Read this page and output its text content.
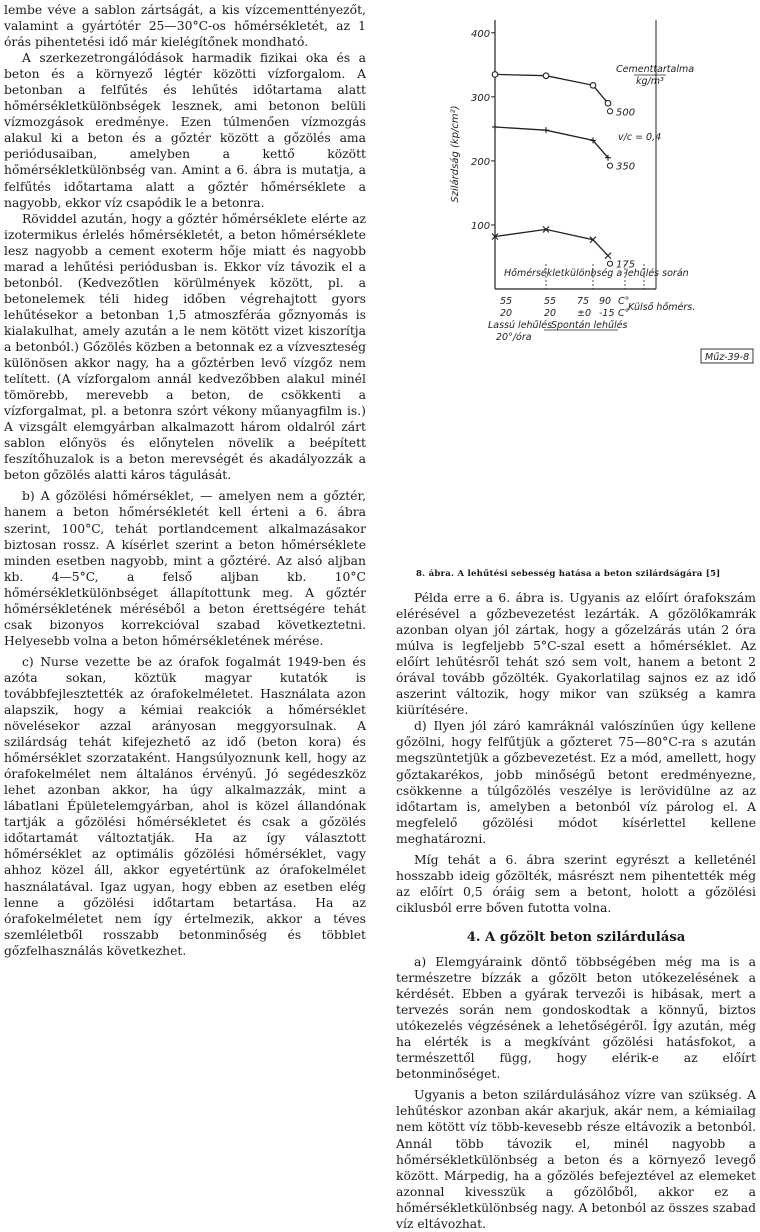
lembe véve a sablon zártságát, a kis vízcementtényezőt, valamint a gyártótér 25—30°C-os hőmérsékletét, az 1 órás pihentetési idő már kielégítőnek mondható.

A szerkezetrongálódások harmadik fizikai oka és a beton és a környező légtér közötti vízforgalom. A betonban a felfűtés és lehűtés időtartama alatt hőmérsékletkülönbségek lesznek, ami betonon belüli vízmozgások eredménye. Ezen túlmenően vízmozgás alakul ki a beton és a gőztér között a gőzölés ama periódusaiban, amelyben a kettő között hőmérsékletkülönbség van. Amint a 6. ábra is mutatja, a felfűtés időtartama alatt a gőztér hőmérséklete a nagyobb, ekkor víz csapódik le a betonra.

Röviddel azután, hogy a gőztér hőmérséklete elérte az izotermikus érlelés hőmérsékletét, a beton hőmérséklete lesz nagyobb a cement exoterm hője miatt és nagyobb marad a lehűtési periódusban is. Ekkor víz távozik el a betonból. (Kedvezőtlen körülmények között, pl. a betonelemek téli hideg időben végrehajtott gyors lehűtésekor a betonban 1,5 atmoszféráa gőznyomás is kialakulhat, amely azután a le nem kötött vizet kiszorítja a betonból.) Gőzölés közben a betonnak ez a vízveszteség különösen akkor nagy, ha a gőztérben levő vízgőz nem telített. (A vízforgalom annál kedvezőbben alakul minél tömörebb, merevebb a beton, de csökkenti a vízforgalmat, pl. a betonra szórt vékony műanyagfilm is.) A vizsgált elemgyárban alkalmazott három oldalról zárt sablon előnyös és előnytelen növelik a beépített feszítőhuzalok is a beton merevségét és akadályozzák a beton gőzölés alatti káros tágulását.

b) A gőzölési hőmérséklet, — amelyen nem a gőztér, hanem a beton hőmérsékletét kell érteni a 6. ábra szerint, 100°C, tehát portlandcement alkalmazásakor biztosan rossz. A kísérlet szerint a beton hőmérséklete minden esetben nagyobb, mint a gőztéré. Az alsó aljban kb. 4—5°C, a felső aljban kb. 10°C hőmérsékletkülönbséget állapítottunk meg. A gőztér hőmérsékletének méréséből a beton érettségére tehát csak bizonyos korrekcióval szabad következtetni. Helyesebb volna a beton hőmérsékletének mérése.

c) Nurse vezette be az órafok fogalmát 1949-ben és azóta sokan, köztük magyar kutatók is továbbfejlesztették az órafokelméletet. Használata azon alapszik, hogy a kémiai reakciók a hőmérséklet növelésekor azzal arányosan meggyorsulnak. A szilárdság tehát kifejezhető az idő (beton kora) és hőmérséklet szorzataként. Hangsúlyoznunk kell, hogy az órafokelmélet nem általános érvényű. Jó segédeszköz lehet azonban akkor, ha úgy alkalmazzák, mint a lábatlani Épületelemgyárban, ahol is közel állandónak tartják a gőzölési hőmérsékletet és csak a gőzölés időtartamát változtatják. Ha az így választott hőmérséklet az optimális gőzölési hőmérséklet, vagy ahhoz közel áll, akkor egyetértünk az órafokelmélet használatával. Igaz ugyan, hogy ebben az esetben elég lenne a gőzölési időtartam betartása. Ha az órafokelméletet nem így értelmezik, akkor a téves szemléletből rosszabb betonminőség és többlet gőzfelhasználás következhet.

400
300
200
100
Szilárdság (kp/cm²)	500
350
175
Cementtartalma
kg/m³
v/c = 0,4
Hőmérsékletkülönbség a lehűlés során
55	55 75 90 C°
20	20 ±0 -15 C°
Külső hőmérs.
Lassú lehűlés
20°/óra
Spontán lehűlés
Műz-39-8
8. ábra. A lehűtési sebesség hatása a beton szilárdságára [5]

Példa erre a 6. ábra is. Ugyanis az előírt órafokszám elérésével a gőzbevezetést lezárták. A gőzölőkamrák azonban olyan jól zártak, hogy a gőzelzárás után 2 óra múlva is legfeljebb 5°C-szal esett a hőmérséklet. Az előírt lehűtésről tehát szó sem volt, hanem a betont 2 órával tovább gőzölték. Gyakorlatilag sajnos ez az idő aszerint változik, hogy mikor van szükség a kamra kiürítésére.

d) Ilyen jól záró kamráknál valószínűen úgy kellene gőzölni, hogy felfűtjük a gőzteret 75—80°C-ra s azután megszüntetjük a gőzbevezetést. Ez a mód, amellett, hogy gőztakarékos, jobb minőségű betont eredményezne, csökkenne a túlgőzölés veszélye is lerövidülne az az időtartam is, amelyben a betonból víz párolog el. A megfelelő gőzölési módot kísérlettel kellene meghatározni.

Míg tehát a 6. ábra szerint egyrészt a kelleténél hosszabb ideig gőzölték, másrészt nem pihentették még az előírt 0,5 óráig sem a betont, holott a gőzölési ciklusból erre bőven futotta volna.

4. A gőzölt beton szilárdulása

a) Elemgyáraink döntő többségében még ma is a természetre bízzák a gőzölt beton utókezelésének a kérdését. Ebben a gyárak tervezői is hibásak, mert a tervezés során nem gondoskodtak a könnyű, biztos utókezelés végzésének a lehetőségéről. Így azután, még ha elérték is a megkívánt gőzölési hatásfokot, a természettől függ, hogy elérik-e az előírt betonminőséget.

Ugyanis a beton szilárdulásához vízre van szükség. A lehűtéskor azonban akár akarjuk, akár nem, a kémiailag nem kötött víz több-kevesebb része eltávozik a betonból. Annál több távozik el, minél nagyobb a hőmérsékletkülönbség a beton és a környező levegő között. Márpedig, ha a gőzölés befejeztével az elemeket azonnal kivesszük a gőzölőből, akkor ez a hőmérsékletkülönbség nagy. A betonból az összes szabad víz eltávozhat.
